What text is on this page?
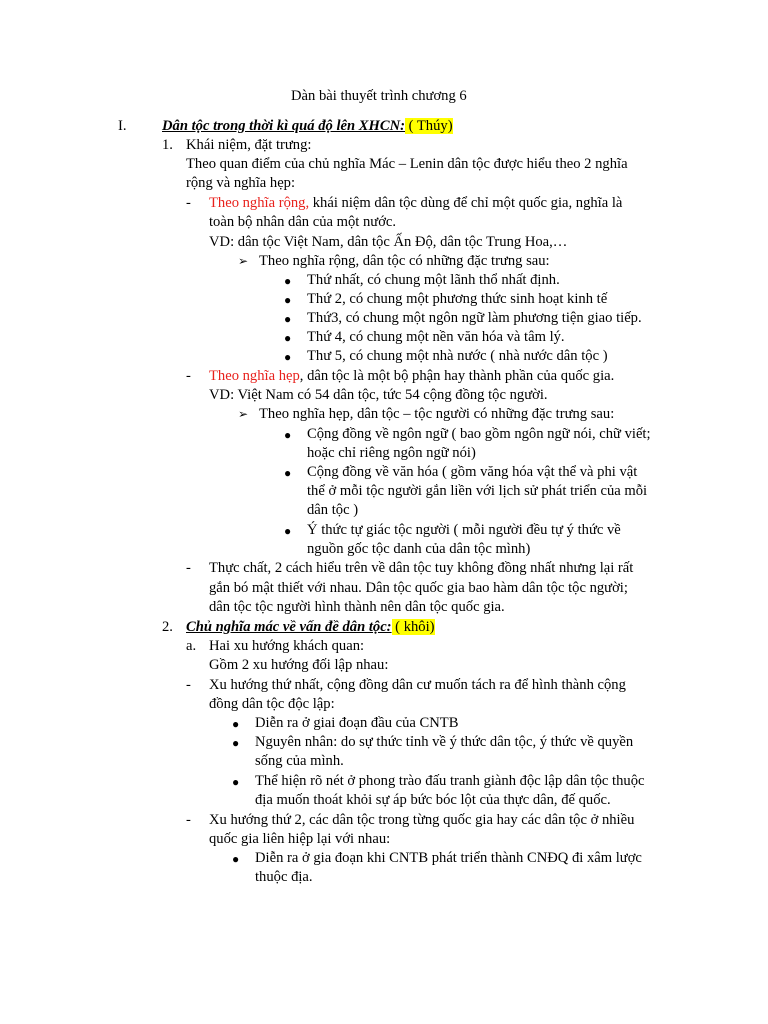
Dàn bài thuyết trình chương 6
I. Dân tộc trong thời kì quá độ lên XHCN: ( Thúy)
1. Khái niệm, đặt trưng:
Theo quan điểm của chủ nghĩa Mác – Lenin dân tộc được hiểu theo 2 nghĩa
rộng và nghĩa hẹp:
- Theo nghĩa rộng, khái niệm dân tộc dùng để chỉ một quốc gia, nghĩa là
toàn bộ nhân dân của một nước.
VD: dân tộc Việt Nam, dân tộc Ấn Độ, dân tộc Trung Hoa,…
➢ Theo nghĩa rộng, dân tộc có những đặc trưng sau:
● Thứ nhất, có chung một lãnh thổ nhất định.
● Thứ 2, có chung một phương thức sinh hoạt kinh tế
● Thứ3, có chung một ngôn ngữ làm phương tiện giao tiếp.
● Thứ 4, có chung một nền văn hóa và tâm lý.
● Thư 5, có chung một nhà nước ( nhà nước dân tộc )
- Theo nghĩa hẹp, dân tộc là một bộ phận hay thành phần của quốc gia.
VD: Việt Nam có 54 dân tộc, tức 54 cộng đồng tộc người.
➢ Theo nghĩa hẹp, dân tộc – tộc người có những đặc trưng sau:
● Cộng đồng về ngôn ngữ ( bao gồm ngôn ngữ nói, chữ viết;
hoặc chỉ riêng ngôn ngữ nói)
● Cộng đồng về văn hóa ( gồm văng hóa vật thể và phi vật
thể ở mỗi tộc người gắn liền với lịch sử phát triển của mỗi
dân tộc )
● Ý thức tự giác tộc người ( mỗi người đều tự ý thức về
nguồn gốc tộc danh của dân tộc mình)
- Thực chất, 2 cách hiểu trên về dân tộc tuy không đồng nhất nhưng lại rất
gắn bó mật thiết với nhau. Dân tộc quốc gia bao hàm dân tộc tộc người;
dân tộc tộc người hình thành nên dân tộc quốc gia.
2. Chủ nghĩa mác về vấn đề dân tộc: ( khôi)
a. Hai xu hướng khách quan:
Gồm 2 xu hướng đối lập nhau:
- Xu hướng thứ nhất, cộng đồng dân cư muốn tách ra để hình thành cộng
đồng dân tộc độc lập:
● Diễn ra ở giai đoạn đầu của CNTB
● Nguyên nhân: do sự thức tỉnh về ý thức dân tộc, ý thức về quyền
sống của mình.
● Thể hiện rõ nét ở phong trào đấu tranh giành độc lập dân tộc thuộc
địa muốn thoát khỏi sự áp bức bóc lột của thực dân, đế quốc.
- Xu hướng thứ 2, các dân tộc trong từng quốc gia hay các dân tộc ở nhiều
quốc gia liên hiệp lại với nhau:
● Diễn ra ở gia đoạn khi CNTB phát triển thành CNĐQ đi xâm lược
thuộc địa.
